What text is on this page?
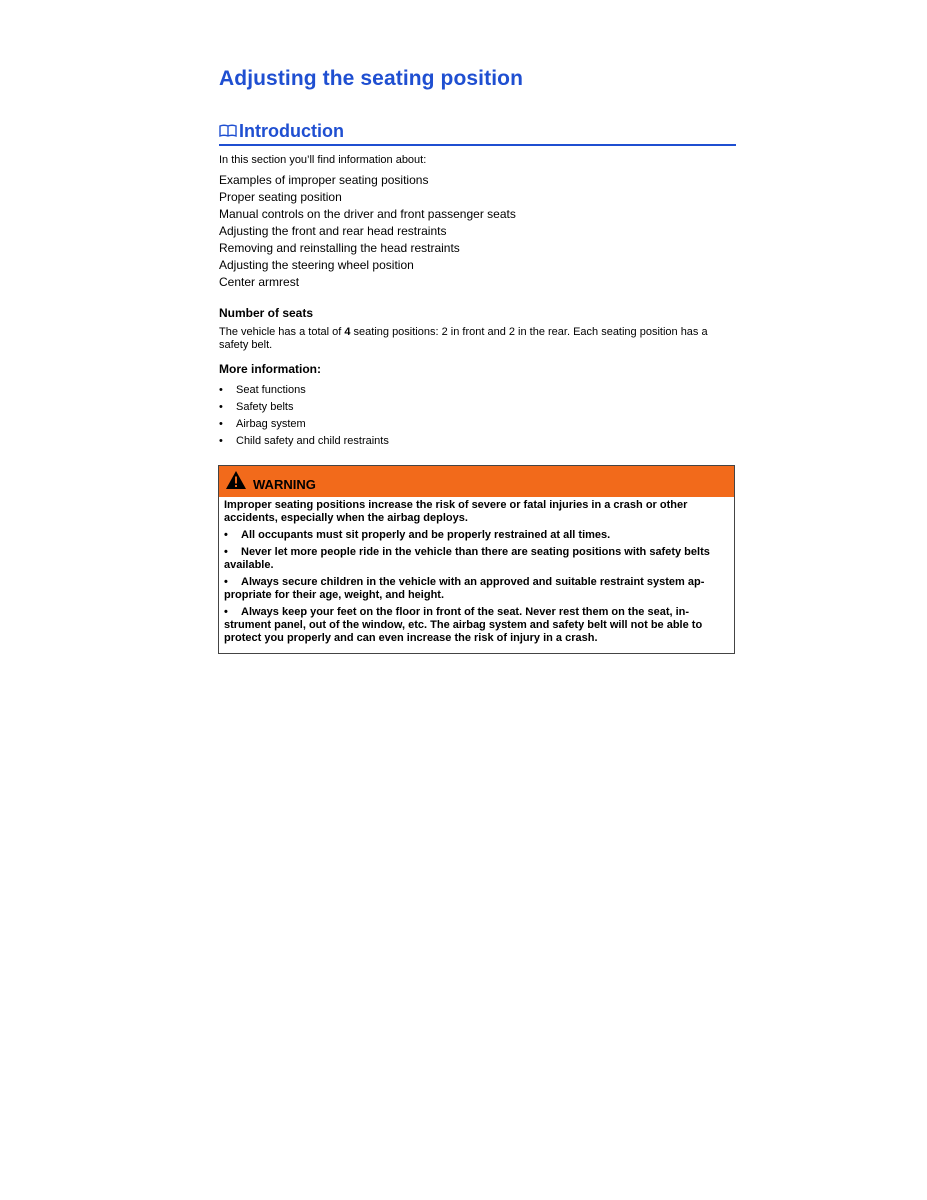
Adjusting the seating position
Introduction
In this section you’ll find information about:
Examples of improper seating positions
Proper seating position
Manual controls on the driver and front passenger seats
Adjusting the front and rear head restraints
Removing and reinstalling the head restraints
Adjusting the steering wheel position
Center armrest
Number of seats
The vehicle has a total of 4 seating positions: 2 in front and 2 in the rear. Each seating position has a safety belt.
More information:
•	Seat functions
•	Safety belts
•	Airbag system
•	Child safety and child restraints
WARNING

Improper seating positions increase the risk of severe or fatal injuries in a crash or other accidents, especially when the airbag deploys.

• All occupants must sit properly and be properly restrained at all times.

• Never let more people ride in the vehicle than there are seating positions with safety belts available.

• Always secure children in the vehicle with an approved and suitable restraint system ap-propriate for their age, weight, and height.

• Always keep your feet on the floor in front of the seat. Never rest them on the seat, in-strument panel, out of the window, etc. The airbag system and safety belt will not be able to protect you properly and can even increase the risk of injury in a crash.
